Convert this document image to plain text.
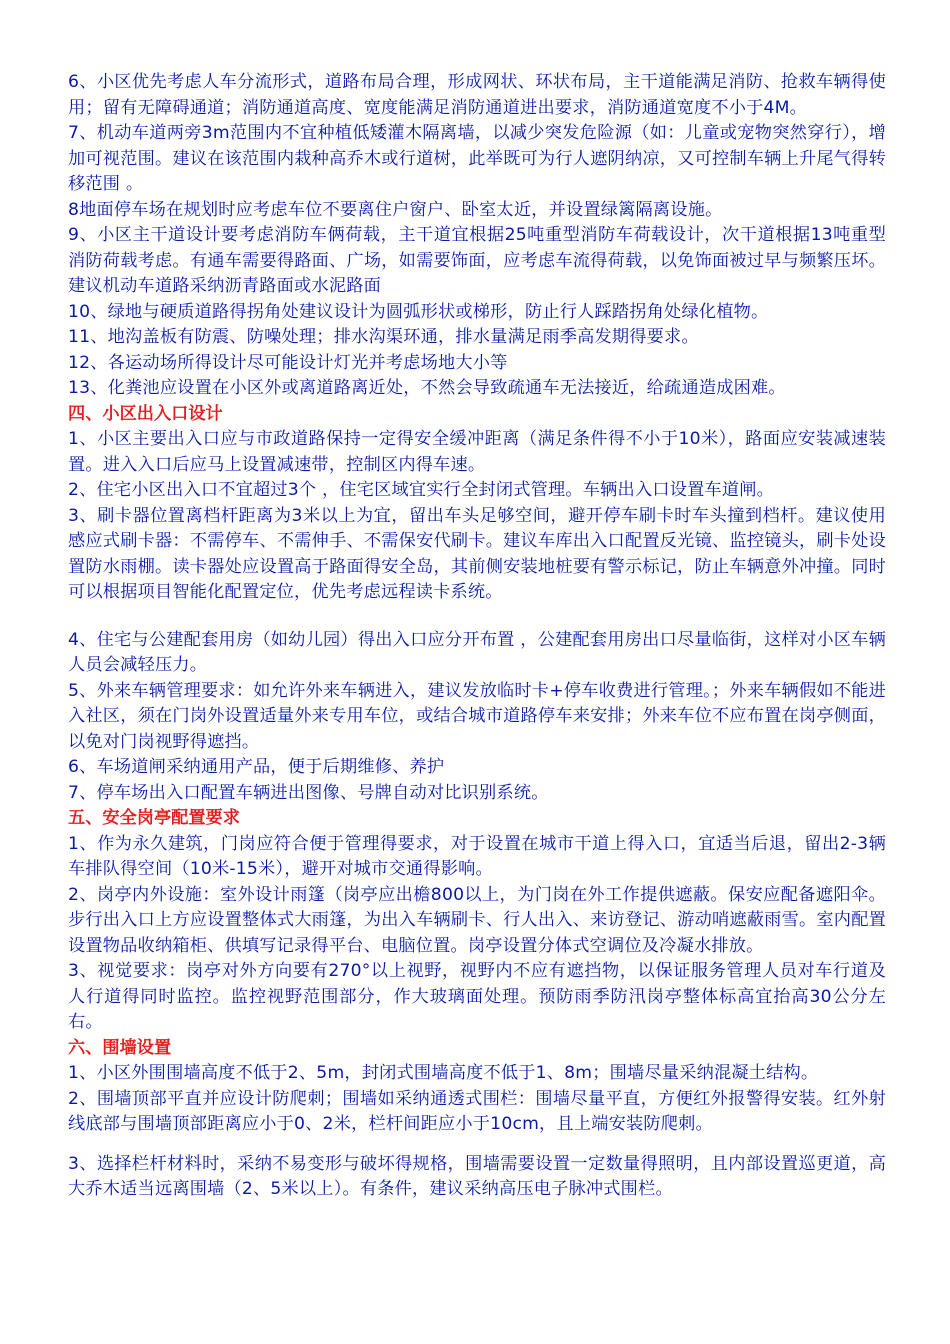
6、小区优先考虑人车分流形式，道路布局合理，形成网状、环状布局，主干道能满足消防、抢救车辆得使用；留有无障碍通道；消防通道高度、宽度能满足消防通道进出要求，消防通道宽度不小于4M。

7、机动车道两旁3m范围内不宜种植低矮灌木隔离墙，以减少突发危险源（如：儿童或宠物突然穿行），增加可视范围。建议在该范围内栽种高乔木或行道树，此举既可为行人遮阴纳凉，又可控制车辆上升尾气得转移范围 。

8地面停车场在规划时应考虑车位不要离住户窗户、卧室太近，并设置绿篱隔离设施。

9、小区主干道设计要考虑消防车俩荷载，主干道宜根据25吨重型消防车荷载设计，次干道根据13吨重型消防荷载考虑。有通车需要得路面、广场，如需要饰面，应考虑车流得荷载，以免饰面被过早与频繁压坏。建议机动车道路采纳沥青路面或水泥路面

10、绿地与硬质道路得拐角处建议设计为圆弧形状或梯形，防止行人踩踏拐角处绿化植物。

11、地沟盖板有防震、防噪处理；排水沟渠环通，排水量满足雨季高发期得要求。

12、各运动场所得设计尽可能设计灯光并考虑场地大小等

13、化粪池应设置在小区外或离道路离近处，不然会导致疏通车无法接近，给疏通造成困难。

四、小区出入口设计

1、小区主要出入口应与市政道路保持一定得安全缓冲距离（满足条件得不小于10米），路面应安装减速装置。进入入口后应马上设置减速带，控制区内得车速。

2、住宅小区出入口不宜超过3个 ，住宅区域宜实行全封闭式管理。车辆出入口设置车道闸。

3、刷卡器位置离档杆距离为3米以上为宜，留出车头足够空间，避开停车刷卡时车头撞到档杆。建议使用感应式刷卡器：不需停车、不需伸手、不需保安代刷卡。建议车库出入口配置反光镜、监控镜头，刷卡处设置防水雨棚。读卡器处应设置高于路面得安全岛，其前侧安装地桩要有警示标记，防止车辆意外冲撞。同时可以根据项目智能化配置定位，优先考虑远程读卡系统。

4、住宅与公建配套用房（如幼儿园）得出入口应分开布置 ，公建配套用房出口尽量临街，这样对小区车辆人员会减轻压力。

5、外来车辆管理要求：如允许外来车辆进入，建议发放临时卡+停车收费进行管理。；外来车辆假如不能进入社区，须在门岗外设置适量外来专用车位，或结合城市道路停车来安排；外来车位不应布置在岗亭侧面，以免对门岗视野得遮挡。

6、车场道闸采纳通用产品，便于后期维修、养护

7、停车场出入口配置车辆进出图像、号牌自动对比识别系统。

五、安全岗亭配置要求

1、作为永久建筑，门岗应符合便于管理得要求，对于设置在城市干道上得入口，宜适当后退，留出2-3辆车排队得空间（10米-15米），避开对城市交通得影响。

2、岗亭内外设施：室外设计雨篷（岗亭应出檐800以上，为门岗在外工作提供遮蔽。保安应配备遮阳伞。步行出入口上方应设置整体式大雨篷，为出入车辆刷卡、行人出入、来访登记、游动哨遮蔽雨雪。室内配置设置物品收纳箱柜、供填写记录得平台、电脑位置。岗亭设置分体式空调位及冷凝水排放。

3、视觉要求：岗亭对外方向要有270°以上视野，视野内不应有遮挡物，以保证服务管理人员对车行道及人行道得同时监控。监控视野范围部分，作大玻璃面处理。预防雨季防汛岗亭整体标高宜抬高30公分左右。

六、围墙设置

1、小区外围围墙高度不低于2、5m，封闭式围墙高度不低于1、8m；围墙尽量采纳混凝土结构。

2、围墙顶部平直并应设计防爬刺；围墙如采纳通透式围栏：围墙尽量平直，方便红外报警得安装。红外射线底部与围墙顶部距离应小于0、2米，栏杆间距应小于10cm，且上端安装防爬刺。

3、选择栏杆材料时，采纳不易变形与破坏得规格，围墙需要设置一定数量得照明，且内部设置巡更道，高大乔木适当远离围墙（2、5米以上）。有条件，建议采纳高压电子脉冲式围栏。
